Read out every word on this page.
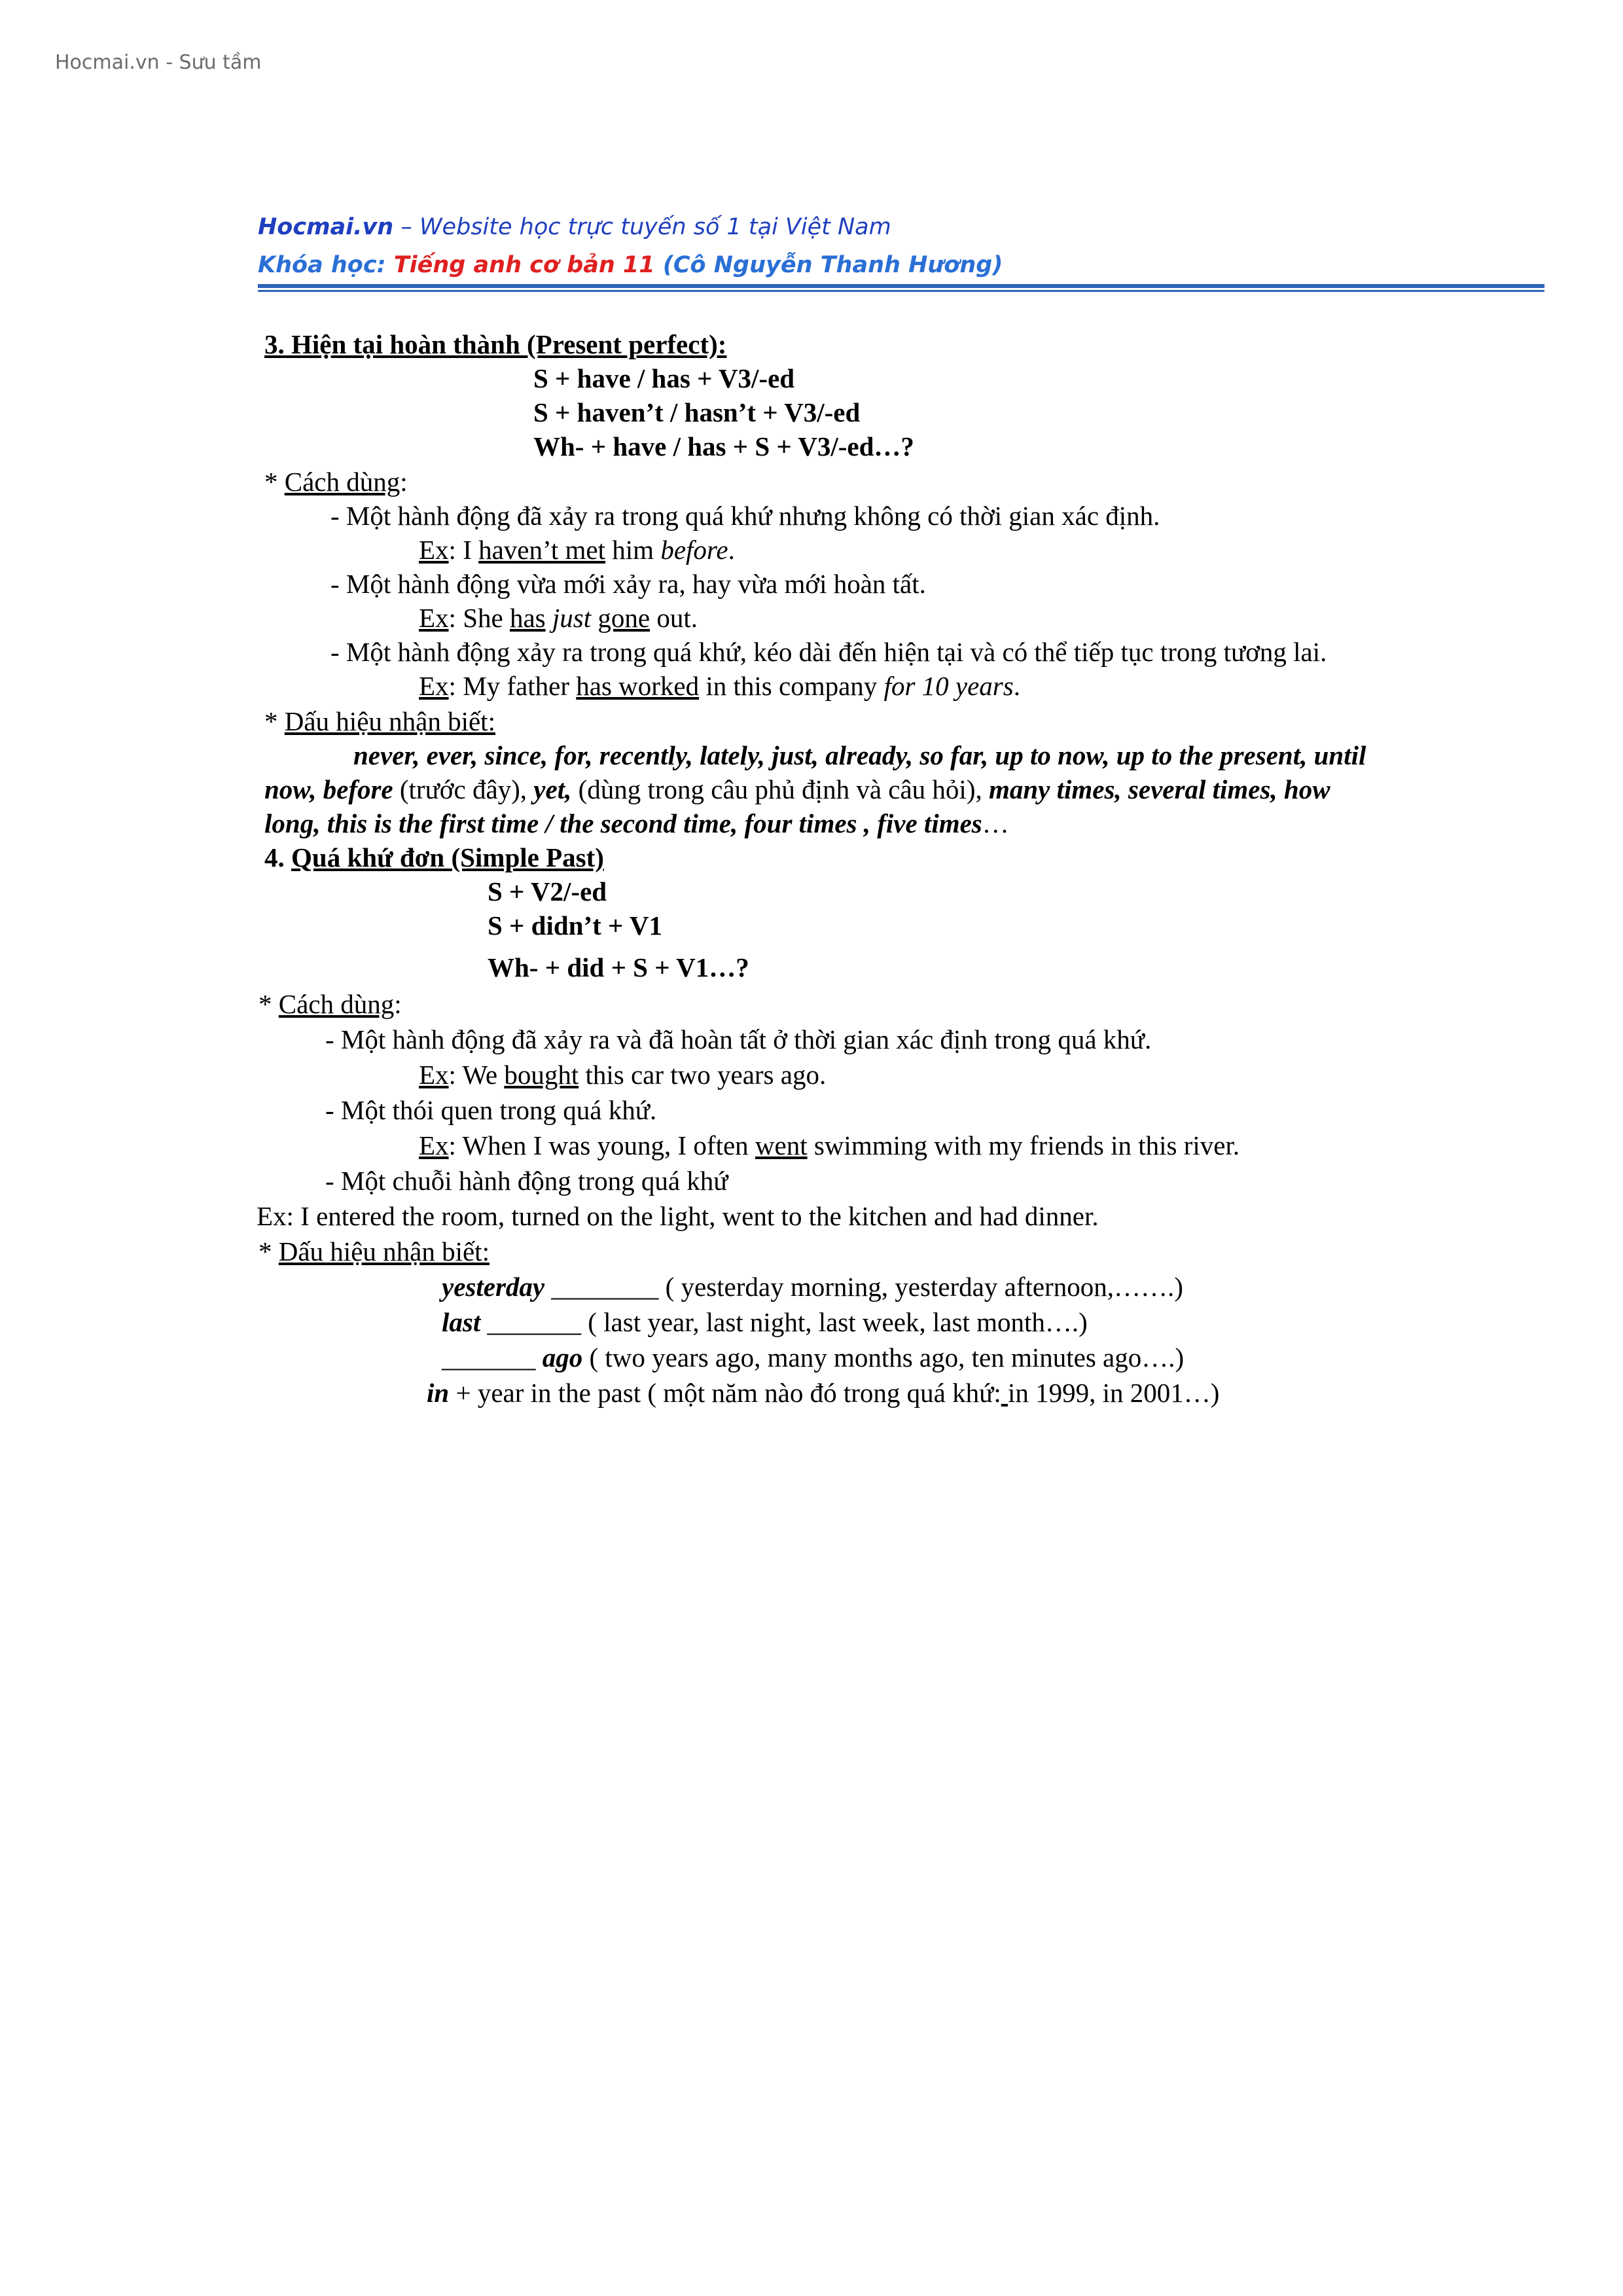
Hocmai.vn - Sưu tầm
Hocmai.vn – Website học trực tuyến số 1 tại Việt Nam
Khóa học: Tiếng anh cơ bản 11 (Cô Nguyễn Thanh Hương)
3. Hiện tại hoàn thành (Present perfect):
S + have / has + V3/-ed
S + haven’t / hasn’t + V3/-ed
Wh- + have / has + S + V3/-ed…?
* Cách dùng:
- Một hành động đã xảy ra trong quá khứ nhưng không có thời gian xác định.
Ex: I haven’t met him before.
- Một hành động vừa mới xảy ra, hay vừa mới hoàn tất.
Ex: She has just gone out.
- Một hành động xảy ra trong quá khứ, kéo dài đến hiện tại và có thể tiếp tục trong tương lai.
Ex: My father has worked in this company for 10 years.
* Dấu hiệu nhận biết:
never, ever, since, for, recently, lately, just, already, so far, up to now, up to the present, until
now, before (trước đây), yet, (dùng trong câu phủ định và câu hỏi), many times, several times, how
long, this is the first time / the second time, four times , five times…
4. Quá khứ đơn (Simple Past)
S + V2/-ed
S + didn’t + V1
Wh- + did + S + V1…?
* Cách dùng:
- Một hành động đã xảy ra và đã hoàn tất ở thời gian xác định trong quá khứ.
Ex: We bought this car two years ago.
- Một thói quen trong quá khứ.
Ex: When I was young, I often went swimming with my friends in this river.
- Một chuỗi hành động trong quá khứ
Ex: I entered the room, turned on the light, went to the kitchen and had dinner.
* Dấu hiệu nhận biết:
yesterday ________ ( yesterday morning, yesterday afternoon,…….)
last _______ ( last year, last night, last week, last month….)
_______ ago ( two years ago, many months ago, ten minutes ago….)
in + year in the past ( một năm nào đó trong quá khứ: in 1999, in 2001…)
